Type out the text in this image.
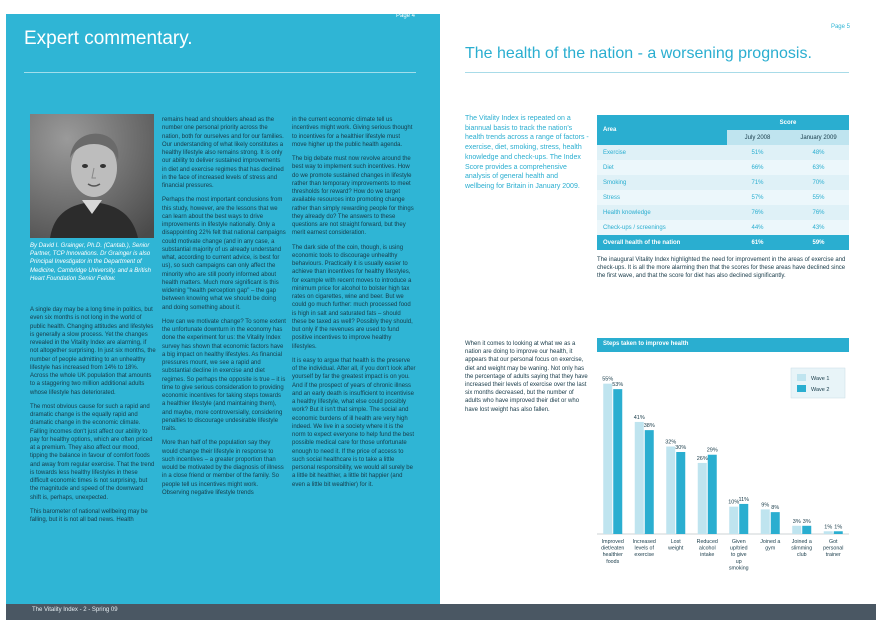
Page 4
Expert commentary.
By David I. Grainger, Ph.D. (Cantab.), Senior Partner, TCP Innovations. Dr Grainger is also Principal Investigator in the Department of Medicine, Cambridge University, and a British Heart Foundation Senior Fellow.

A single day may be a long time in politics, but even six months is not long in the world of public health. Changing attitudes and lifestyles is generally a slow process. Yet the changes revealed in the Vitality Index are alarming, if not altogether surprising. In just six months, the number of people admitting to an unhealthy lifestyle has increased from 14% to 18%. Across the whole UK population that amounts to a staggering two million additional adults whose lifestyle has deteriorated.

The most obvious cause for such a rapid and dramatic change is the equally rapid and dramatic change in the economic climate. Falling incomes don't just affect our ability to pay for healthy options, which are often priced at a premium. They also affect our mood, tipping the balance in favour of comfort foods and away from regular exercise. That the trend is towards less healthy lifestyles in these difficult economic times is not surprising, but the magnitude and speed of the downward shift is, perhaps, unexpected.

This barometer of national wellbeing may be falling, but it is not all bad news. Health

remains head and shoulders ahead as the number one personal priority across the nation, both for ourselves and for our families. Our understanding of what likely constitutes a healthy lifestyle also remains strong. It is only our ability to deliver sustained improvements in diet and exercise regimes that has declined in the face of increased levels of stress and financial pressures.

Perhaps the most important conclusions from this study, however, are the lessons that we can learn about the best ways to drive improvements in lifestyle nationally. Only a disappointing 22% felt that national campaigns could motivate change (and in any case, a substantial majority of us already understand what, according to current advice, is best for us), so such campaigns can only affect the minority who are still poorly informed about health matters. Much more significant is this widening "health perception gap" – the gap between knowing what we should be doing and doing something about it.

How can we motivate change? To some extent the unfortunate downturn in the economy has done the experiment for us: the Vitality Index survey has shown that economic factors have a big impact on healthy lifestyles. As financial pressures mount, we see a rapid and substantial decline in exercise and diet regimes. So perhaps the opposite is true – it is time to give serious consideration to providing economic incentives for taking steps towards a healthier lifestyle (and maintaining them), and maybe, more controversially, considering penalties to discourage undesirable lifestyle traits.

More than half of the population say they would change their lifestyle in response to such incentives – a greater proportion than would be motivated by the diagnosis of illness in a close friend or member of the family. So people tell us incentives might work. Observing negative lifestyle trends

in the current economic climate tell us incentives might work. Giving serious thought to incentives for a healthier lifestyle must move higher up the public health agenda.

The big debate must now revolve around the best way to implement such incentives. How do we promote sustained changes in lifestyle rather than temporary improvements to meet thresholds for reward? How do we target available resources into promoting change rather than simply rewarding people for things they already do? The answers to these questions are not straight forward, but they merit earnest consideration.

The dark side of the coin, though, is using economic tools to discourage unhealthy behaviours. Practically it is usually easier to achieve than incentives for healthy lifestyles, for example with recent moves to introduce a minimum price for alcohol to bolster high tax rates on cigarettes, wine and beer. But we could go much further: much processed food is high in salt and saturated fats – should these be taxed as well? Possibly they should, but only if the revenues are used to fund positive incentives to improve healthy lifestyles.

It is easy to argue that health is the preserve of the individual. After all, if you don't look after yourself by far the greatest impact is on you. And if the prospect of years of chronic illness and an early death is insufficient to incentivise a healthy lifestyle, what else could possibly work? But it isn't that simple. The social and economic burdens of ill health are very high indeed. We live in a society where it is the norm to expect everyone to help fund the best possible medical care for those unfortunate enough to need it. If the price of access to such social healthcare is to take a little personal responsibility, we would all surely be a little bit healthier, a little bit happier (and even a little bit wealthier) for it.

The Vitality Index - 2 - Spring 09
Page 5
The health of the nation - a worsening prognosis.
The Vitality Index is repeated on a biannual basis to track the nation's health trends across a range of factors - exercise, diet, smoking, stress, health knowledge and check-ups. The Index Score provides a comprehensive analysis of general health and wellbeing for Britain in January 2009.
Area	Score	
	July 2008	January 2009
Exercise	51%	48%
Diet	66%	63%
Smoking	71%	70%
Stress	57%	55%
Health knowledge	76%	76%
Check-ups / screenings	44%	43%
Overall health of the nation	61%	59%
The inaugural Vitality Index highlighted the need for improvement in the areas of exercise and check-ups. It is all the more alarming then that the scores for these areas have declined since the first wave, and that the score for diet has also declined significantly.
When it comes to looking at what we as a nation are doing to improve our health, it appears that our personal focus on exercise, diet and weight may be waning. Not only has the percentage of adults saying that they have increased their levels of exercise over the last six months decreased, but the number of adults who have improved their diet or who have lost weight has also fallen.
Steps taken to improve health
55%
53%
Improved diet/eaten healthier foods
41%
38%
Increased levels of exercise
32%
30%
Lost weight
26%
29%
Reduced alcohol intake
10% 11%
Given up/tried to give up smoking
9% 8%
Joined a gym
3% 3%
Joined a slimming club
1% 1%
Got personal trainer
Wave 1
Wave 2
